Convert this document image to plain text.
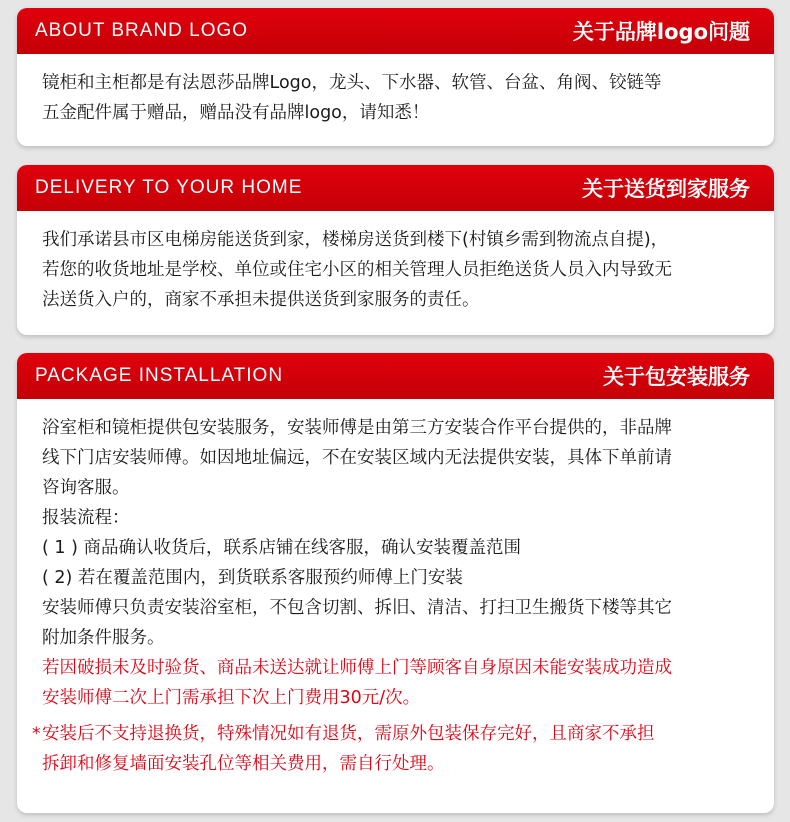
ABOUT BRAND LOGO	关于品牌logo问题
镜柜和主柜都是有法恩莎品牌Logo，龙头、下水器、软管、台盆、角阀、铰链等
五金配件属于赠品，赠品没有品牌logo，请知悉！
DELIVERY TO YOUR HOME	关于送货到家服务
我们承诺县市区电梯房能送货到家，楼梯房送货到楼下(村镇乡需到物流点自提)，
若您的收货地址是学校、单位或住宅小区的相关管理人员拒绝送货人员入内导致无
法送货入户的，商家不承担未提供送货到家服务的责任。
PACKAGE INSTALLATION	关于包安装服务
浴室柜和镜柜提供包安装服务，安装师傅是由第三方安装合作平台提供的，非品牌
线下门店安装师傅。如因地址偏远，不在安装区域内无法提供安装，具体下单前请
咨询客服。
报装流程：
( 1 ) 商品确认收货后，联系店铺在线客服，确认安装覆盖范围
( 2) 若在覆盖范围内，到货联系客服预约师傅上门安装
安装师傅只负责安装浴室柜，不包含切割、拆旧、清洁、打扫卫生搬货下楼等其它
附加条件服务。
若因破损未及时验货、商品未送达就让师傅上门等顾客自身原因未能安装成功造成
安装师傅二次上门需承担下次上门费用30元/次。
* 安装后不支持退换货，特殊情况如有退货，需原外包装保存完好，且商家不承担
拆卸和修复墙面安装孔位等相关费用，需自行处理。
